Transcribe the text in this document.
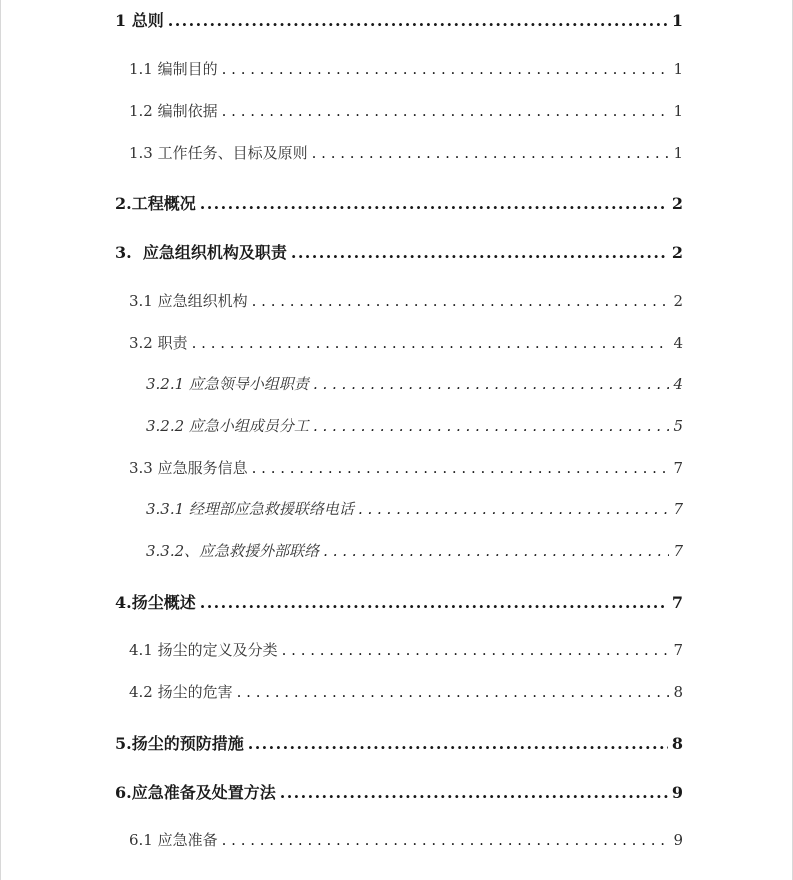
1 总则 .....	1
1.1 编制目的 . . .	1
1.2 编制依据 . . .	1
1.3 工作任务、目标及原则 . . .	1
2.工程概况 .....	2
3.  应急组织机构及职责 .....	2
3.1 应急组织机构 . . .	2
3.2 职责 . . .	4
3.2.1 应急领导小组职责 . . .	4
3.2.2 应急小组成员分工 . . .	5
3.3 应急服务信息 . . .	7
3.3.1 经理部应急救援联络电话 . . .	7
3.3.2、应急救援外部联络 . . .	7
4.扬尘概述 .....	7
4.1 扬尘的定义及分类 . . .	7
4.2 扬尘的危害 . . .	8
5.扬尘的预防措施 .....	8
6.应急准备及处置方法 .....	9
6.1 应急准备 . . .	9
